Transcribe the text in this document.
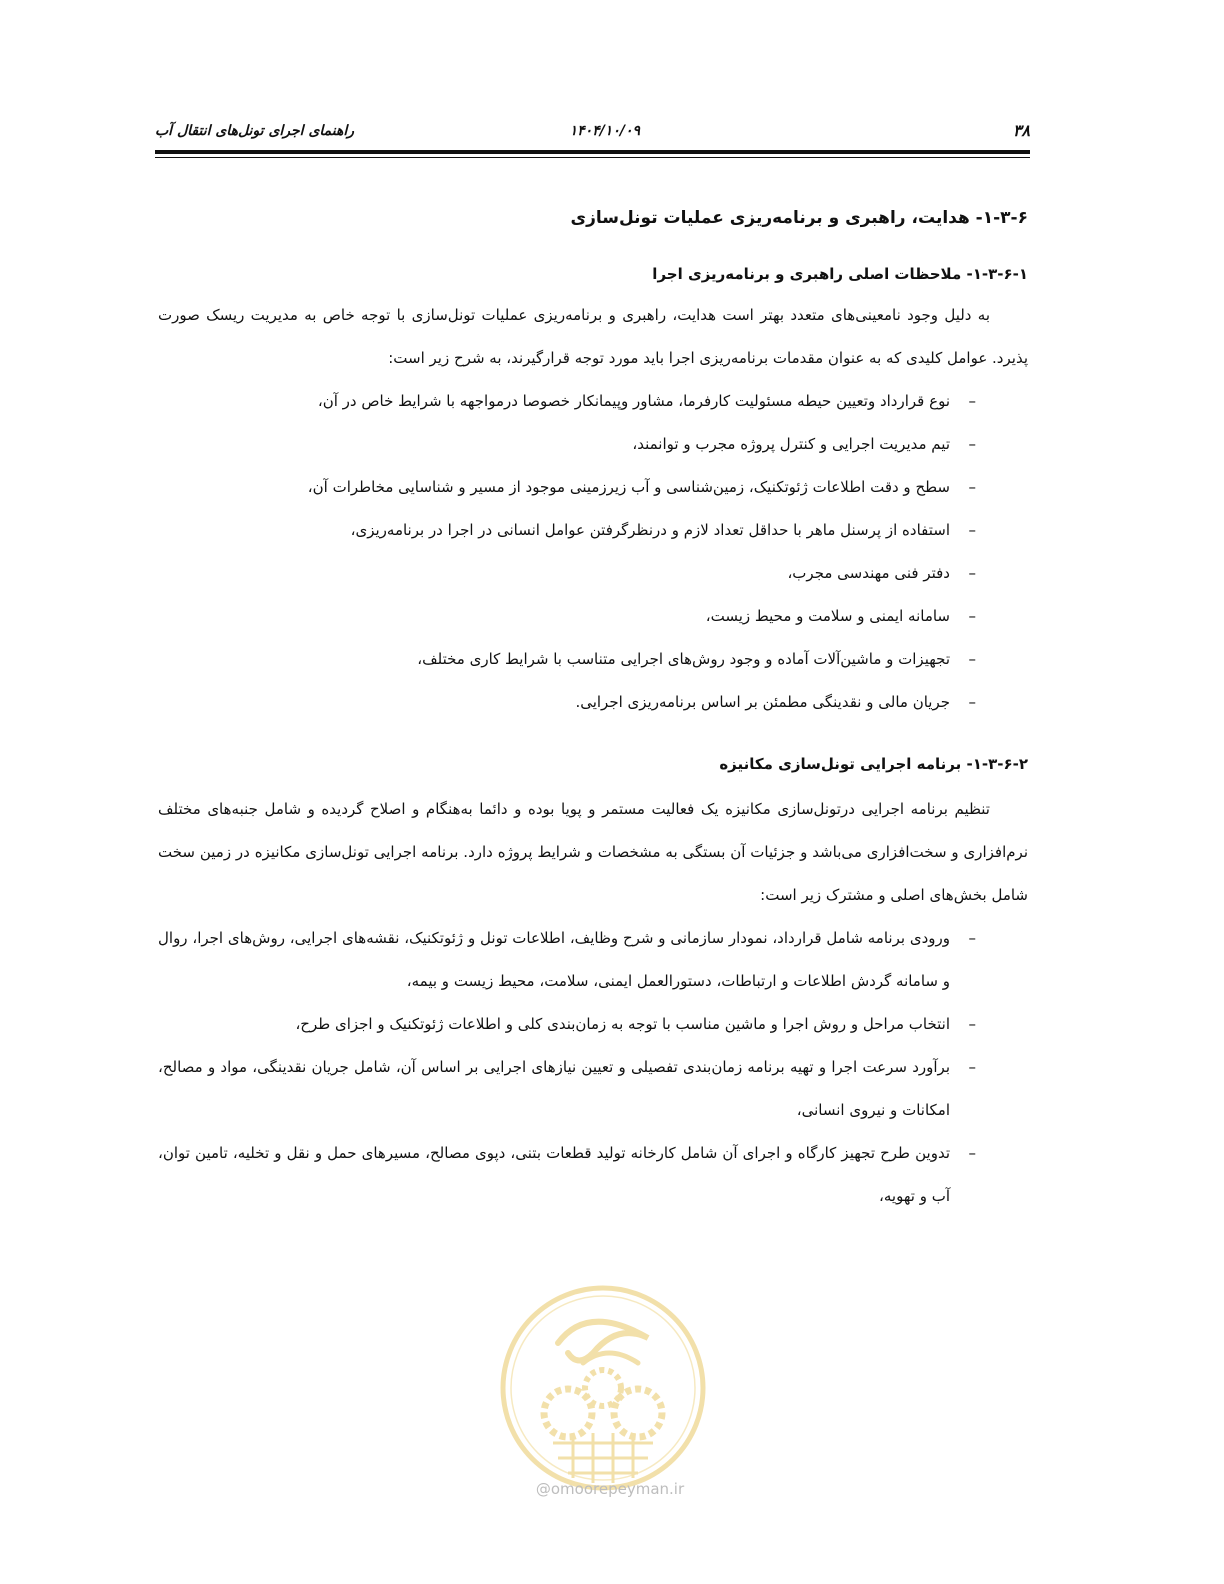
۳۸
۱۴۰۴/۱۰/۰۹
راهنمای اجرای تونل‌های انتقال آب
۱-۳-۶- هدایت، راهبری و برنامه‌ریزی عملیات تونل‌سازی
۱-۳-۶-۱- ملاحظات اصلی راهبری و برنامه‌ریزی اجرا

به دلیل وجود نامعینی‌های متعدد بهتر است هدایت، راهبری و برنامه‌ریزی عملیات تونل‌سازی با توجه خاص به مدیریت ریسک صورت پذیرد. عوامل کلیدی که به عنوان مقدمات برنامه‌ریزی اجرا باید مورد توجه قرارگیرند، به شرح زیر است:

–
نوع قرارداد وتعیین حیطه مسئولیت کارفرما، مشاور وپیمانکار خصوصا درمواجهه با شرایط خاص در آن،
–
تیم مدیریت اجرایی و کنترل پروژه مجرب و توانمند،
–
سطح و دقت اطلاعات ژئوتکنیک، زمین‌شناسی و آب زیرزمینی موجود از مسیر و شناسایی مخاطرات آن،
–
استفاده از پرسنل ماهر با حداقل تعداد لازم و درنظرگرفتن عوامل انسانی در اجرا در برنامه‌ریزی،
–
دفتر فنی مهندسی مجرب،
–
سامانه ایمنی و سلامت و محیط زیست،
–
تجهیزات و ماشین‌آلات آماده و وجود روش‌های اجرایی متناسب با شرایط کاری مختلف،
–
جریان مالی و نقدینگی مطمئن بر اساس برنامه‌ریزی اجرایی.
۱-۳-۶-۲- برنامه اجرایی تونل‌سازی مکانیزه

تنظیم برنامه اجرایی درتونل‌سازی مکانیزه یک فعالیت مستمر و پویا بوده و دائما به‌هنگام و اصلاح گردیده و شامل جنبه‌های مختلف نرم‌افزاری و سخت‌افزاری می‌باشد و جزئیات آن بستگی به مشخصات و شرایط پروژه دارد. برنامه اجرایی تونل‌سازی مکانیزه در زمین سخت شامل بخش‌های اصلی و مشترک زیر است:

–
ورودی برنامه شامل قرارداد، نمودار سازمانی و شرح وظایف، اطلاعات تونل و ژئوتکنیک، نقشه‌های اجرایی، روش‌های اجرا، روال و سامانه گردش اطلاعات و ارتباطات، دستورالعمل ایمنی، سلامت، محیط زیست و بیمه،
–
انتخاب مراحل و روش اجرا و ماشین مناسب با توجه به زمان‌بندی کلی و اطلاعات ژئوتکنیک و اجزای طرح،
–
برآورد سرعت اجرا و تهیه برنامه زمان‌بندی تفصیلی و تعیین نیازهای اجرایی بر اساس آن، شامل جریان نقدینگی، مواد و مصالح، امکانات و نیروی انسانی،
–
تدوین طرح تجهیز کارگاه و اجرای آن شامل کارخانه تولید قطعات بتنی، دپوی مصالح، مسیرهای حمل و نقل و تخلیه، تامین توان، آب و تهویه،
@omoorepeyman.ir
